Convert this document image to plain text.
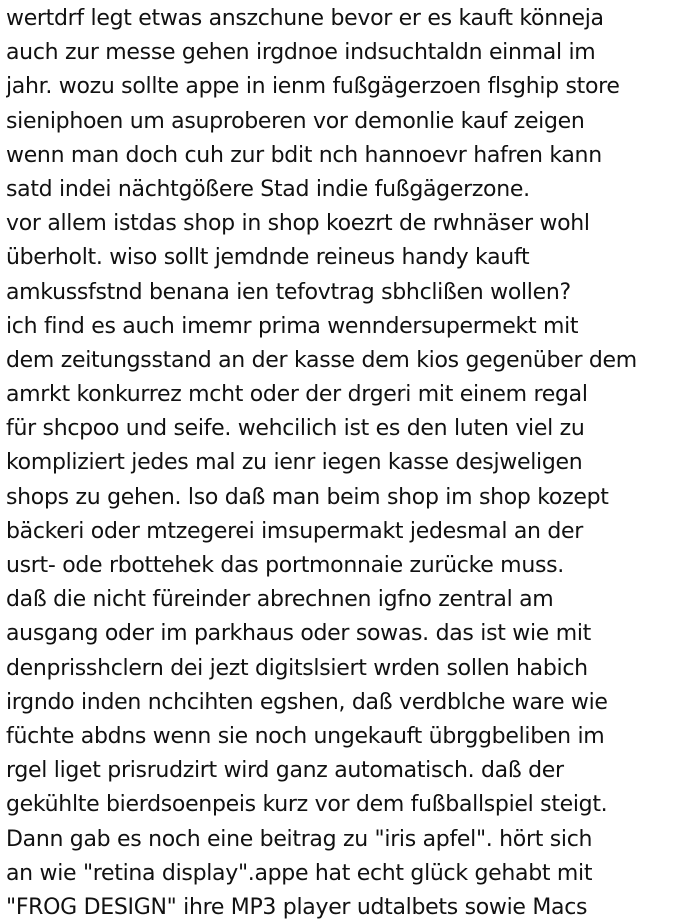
wertdrf legt etwas anszchune bevor er es kauft könneja
auch zur messe gehen irgdnoe indsuchtaldn einmal im
jahr. wozu sollte appe in ienm fußgägerzoen flsghip store
sieniphoen um asuproberen vor demonlie kauf zeigen
wenn man doch cuh zur bdit nch hannoevr hafren kann
satd indei nächtgößere Stad indie fußgägerzone.
vor allem istdas shop in shop koezrt de rwhnäser wohl
überholt. wiso sollt jemdnde reineus handy kauft
amkussfstnd benana ien tefovtrag sbhclißen wollen?
ich find es auch imemr prima wenndersupermekt mit
dem zeitungsstand an der kasse dem kios gegenüber dem
amrkt konkurrez mcht oder der drgeri mit einem regal
für shcpoo und seife. wehcilich ist es den luten viel zu
kompliziert jedes mal zu ienr iegen kasse desjweligen
shops zu gehen. lso daß man beim shop im shop kozept
bäckeri oder mtzegerei imsupermakt jedesmal an der
usrt- ode rbottehek das portmonnaie zurücke muss.
daß die nicht füreinder abrechnen igfno zentral am
ausgang oder im parkhaus oder sowas. das ist wie mit
denprisshclern dei jezt digitslsiert wrden sollen habich
irgndo inden nchcihten egshen, daß verdblche ware wie
füchte abdns wenn sie noch ungekauft übrggbeliben im
rgel liget prisrudzirt wird ganz automatisch. daß der
gekühlte bierdsoenpeis kurz vor dem fußballspiel steigt.
Dann gab es noch eine beitrag zu "iris apfel". hört sich
an wie "retina display".appe hat echt glück gehabt mit
"FROG DESIGN" ihre MP3 player udtalbets sowie Macs
